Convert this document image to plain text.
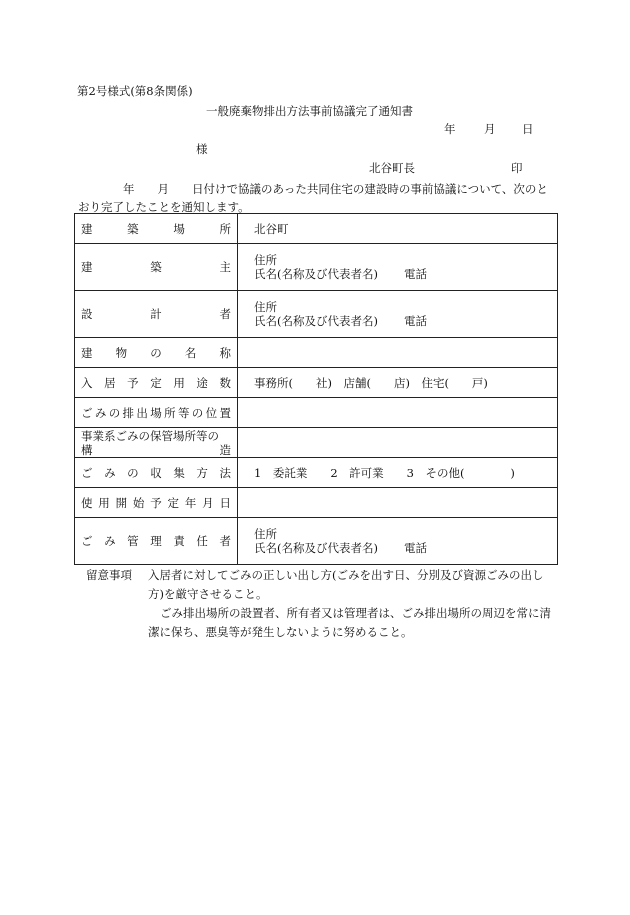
第2号様式(第8条関係)
一般廃棄物排出方法事前協議完了通知書
年 月 日
様
北谷町長	印
年　　月　　日付けで協議のあった共同住宅の建設時の事前協議について、次のとおり完了したことを通知します。
建築場所	北谷町
建築主	住所
氏名(名称及び代表者名) 電話
設計者	住所
氏名(名称及び代表者名) 電話
建物の名称	
入居予定用途数	事務所(　　社)　店舗(　　店)　住宅(　　戸)
ごみの排出場所等の位置	
事業系ごみの保管場所等の
構造	

ごみの収集方法	1　委託業　　2　許可業　　3　その他(　　　　)
使用開始予定年月日	
ごみ管理責任者	住所
氏名(名称及び代表者名) 電話
留意事項	入居者に対してごみの正しい出し方(ごみを出す日、分別及び資源ごみの出し
方)を厳守させること。
ごみ排出場所の設置者、所有者又は管理者は、ごみ排出場所の周辺を常に清
潔に保ち、悪臭等が発生しないように努めること。
